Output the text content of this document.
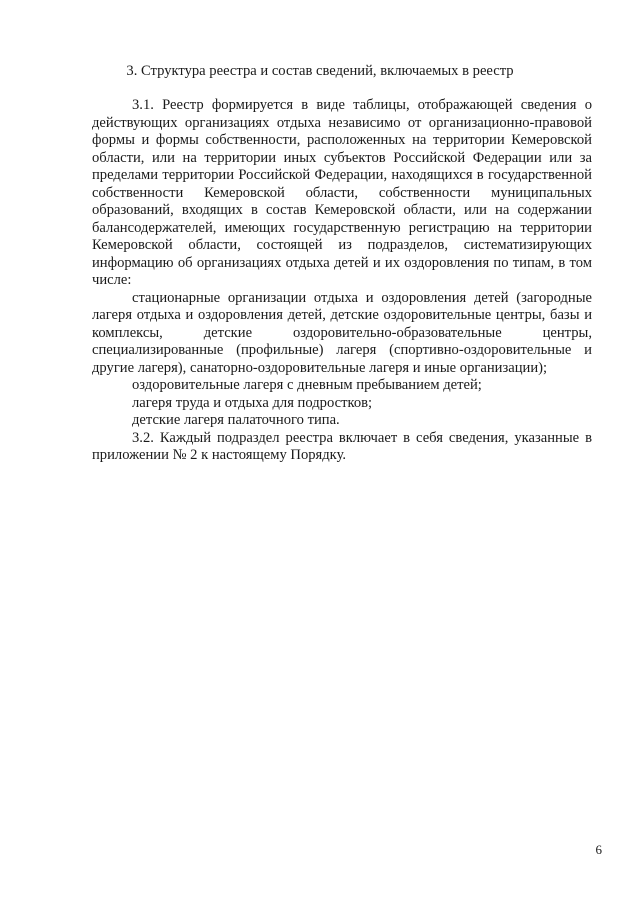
3. Структура реестра и состав сведений, включаемых в реестр

3.1. Реестр формируется в виде таблицы, отображающей сведения о действующих организациях отдыха независимо от организационно-правовой формы и формы собственности, расположенных на территории Кемеровской области, или на территории иных субъектов Российской Федерации или за пределами территории Российской Федерации, находящихся в государственной собственности Кемеровской области, собственности муниципальных образований, входящих в состав Кемеровской области, или на содержании балансодержателей, имеющих государственную регистрацию на территории Кемеровской области, состоящей из подразделов, систематизирующих информацию об организациях отдыха детей и их оздоровления по типам, в том числе:

стационарные организации отдыха и оздоровления детей (загородные лагеря отдыха и оздоровления детей, детские оздоровительные центры, базы и комплексы, детские оздоровительно-образовательные центры, специализированные (профильные) лагеря (спортивно-оздоровительные и другие лагеря), санаторно-оздоровительные лагеря и иные организации);

оздоровительные лагеря с дневным пребыванием детей;

лагеря труда и отдыха для подростков;

детские лагеря палаточного типа.

3.2. Каждый подраздел реестра включает в себя сведения, указанные в приложении № 2 к настоящему Порядку.

6
